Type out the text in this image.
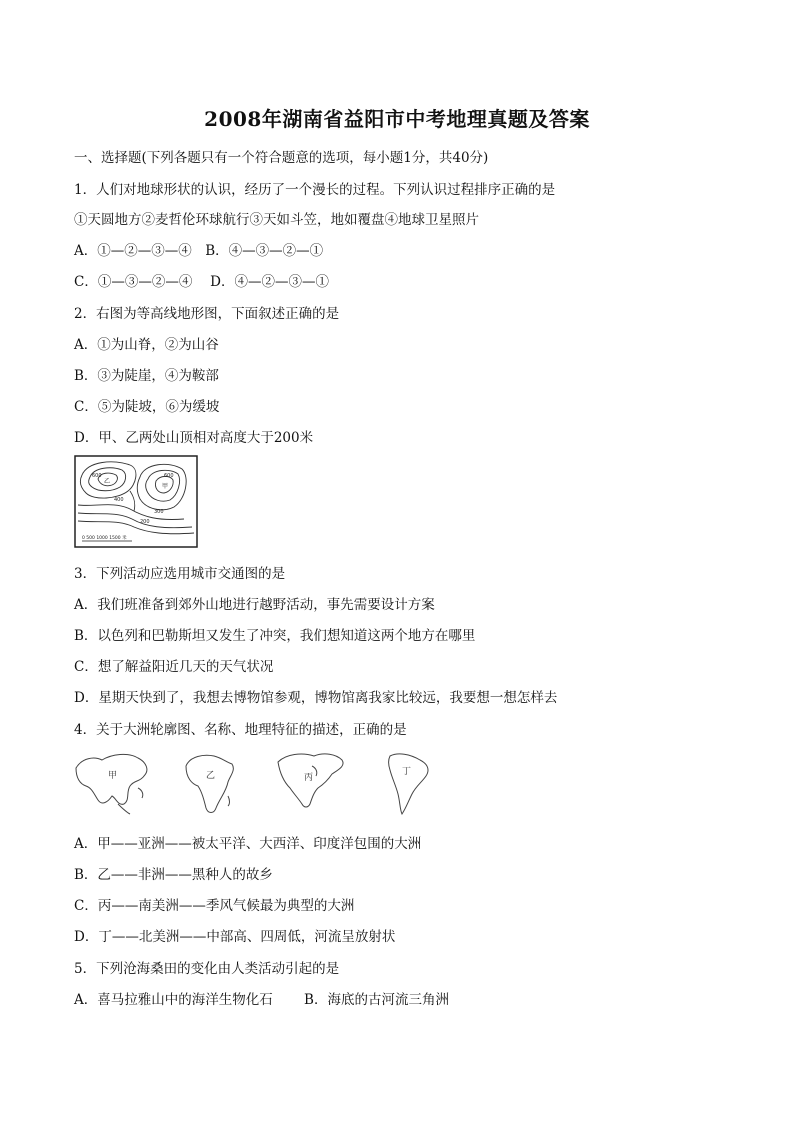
2008年湖南省益阳市中考地理真题及答案
一、选择题(下列各题只有一个符合题意的选项，每小题1分，共40分)
1．人们对地球形状的认识，经历了一个漫长的过程。下列认识过程排序正确的是
①天圆地方②麦哲伦环球航行③天如斗笠，地如覆盘④地球卫星照片
A．①—②—③—④　B．④—③—②—①
C．①—③—②—④　 D．④—②—③—①
2．右图为等高线地形图，下面叙述正确的是
A．①为山脊，②为山谷
B．③为陡崖，④为鞍部
C．⑤为陡坡，⑥为缓坡
D．甲、乙两处山顶相对高度大于200米
600	600
400
300
200
乙
甲
0 500 1000 1500 米
3．下列活动应选用城市交通图的是
A．我们班准备到郊外山地进行越野活动，事先需要设计方案
B．以色列和巴勒斯坦又发生了冲突，我们想知道这两个地方在哪里
C．想了解益阳近几天的天气状况
D．星期天快到了，我想去博物馆参观，博物馆离我家比较远，我要想一想怎样去
4．关于大洲轮廓图、名称、地理特征的描述，正确的是
甲	乙	丙
丁
A．甲——亚洲——被太平洋、大西洋、印度洋包围的大洲
B．乙——非洲——黑种人的故乡
C．丙——南美洲——季风气候最为典型的大洲
D．丁——北美洲——中部高、四周低，河流呈放射状
5．下列沧海桑田的变化由人类活动引起的是
A．喜马拉雅山中的海洋生物化石　　 B．海底的古河流三角洲
